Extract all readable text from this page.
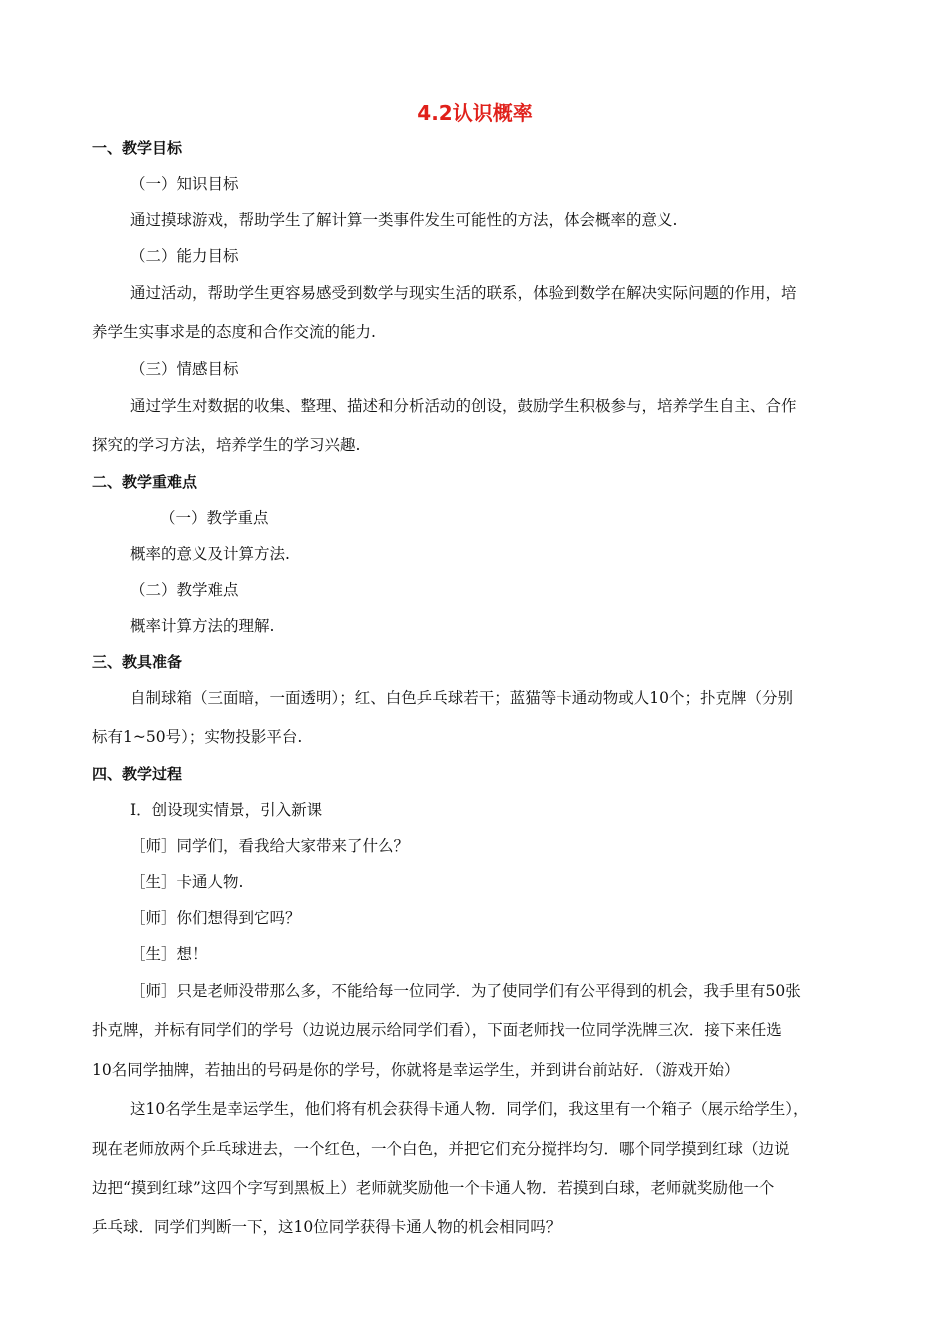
4.2认识概率
一、教学目标
（一）知识目标
通过摸球游戏，帮助学生了解计算一类事件发生可能性的方法，体会概率的意义.
（二）能力目标
通过活动，帮助学生更容易感受到数学与现实生活的联系，体验到数学在解决实际问题的作用，培
养学生实事求是的态度和合作交流的能力.
（三）情感目标
通过学生对数据的收集、整理、描述和分析活动的创设，鼓励学生积极参与，培养学生自主、合作
探究的学习方法，培养学生的学习兴趣.
二、教学重难点
（一）教学重点
概率的意义及计算方法.
（二）教学难点
概率计算方法的理解.
三、教具准备
自制球箱（三面暗，一面透明）；红、白色乒乓球若干；蓝猫等卡通动物或人10个；扑克牌（分别
标有1~50号）；实物投影平台.
四、教学过程
Ⅰ．创设现实情景，引入新课
［师］同学们，看我给大家带来了什么？
［生］卡通人物.
［师］你们想得到它吗？
［生］想！
［师］只是老师没带那么多，不能给每一位同学．为了使同学们有公平得到的机会，我手里有50张
扑克牌，并标有同学们的学号（边说边展示给同学们看），下面老师找一位同学洗牌三次．接下来任选
10名同学抽牌，若抽出的号码是你的学号，你就将是幸运学生，并到讲台前站好．（游戏开始）
这10名学生是幸运学生，他们将有机会获得卡通人物．同学们，我这里有一个箱子（展示给学生），
现在老师放两个乒乓球进去，一个红色，一个白色，并把它们充分搅拌均匀．哪个同学摸到红球（边说
边把“摸到红球”这四个字写到黑板上）老师就奖励他一个卡通人物．若摸到白球，老师就奖励他一个
乒乓球．同学们判断一下，这10位同学获得卡通人物的机会相同吗？
